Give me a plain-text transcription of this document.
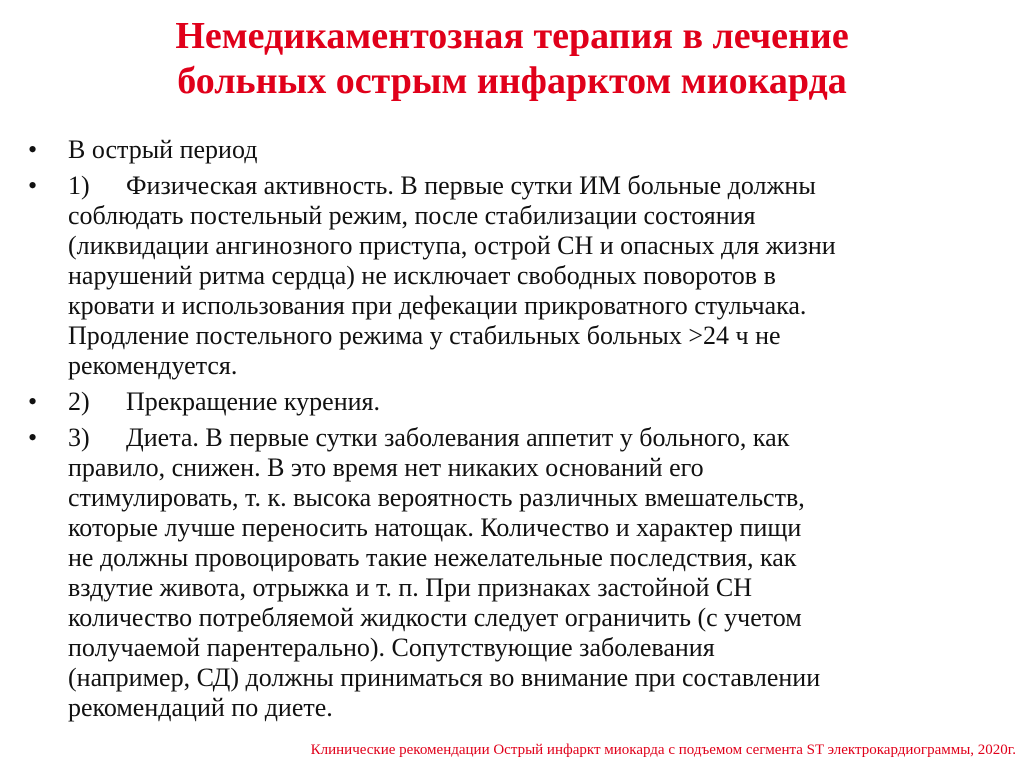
Немедикаментозная терапия в лечение
больных острым инфарктом миокарда
• В острый период
• 1) Физическая активность. В первые сутки ИМ больные должны
соблюдать постельный режим, после стабилизации состояния
(ликвидации ангинозного приступа, острой СН и опасных для жизни
нарушений ритма сердца) не исключает свободных поворотов в
кровати и использования при дефекации прикроватного стульчака.
Продление постельного режима у стабильных больных >24 ч не
рекомендуется.
• 2) Прекращение курения.
• 3) Диета. В первые сутки заболевания аппетит у больного, как
правило, снижен. В это время нет никаких оснований его
стимулировать, т. к. высока вероятность различных вмешательств,
которые лучше переносить натощак. Количество и характер пищи
не должны провоцировать такие нежелательные последствия, как
вздутие живота, отрыжка и т. п. При признаках застойной СН
количество потребляемой жидкости следует ограничить (с учетом
получаемой парентерально). Сопутствующие заболевания
(например, СД) должны приниматься во внимание при составлении
рекомендаций по диете.
Клинические рекомендации Острый инфаркт миокарда с подъемом сегмента ST электрокардиограммы, 2020г.
